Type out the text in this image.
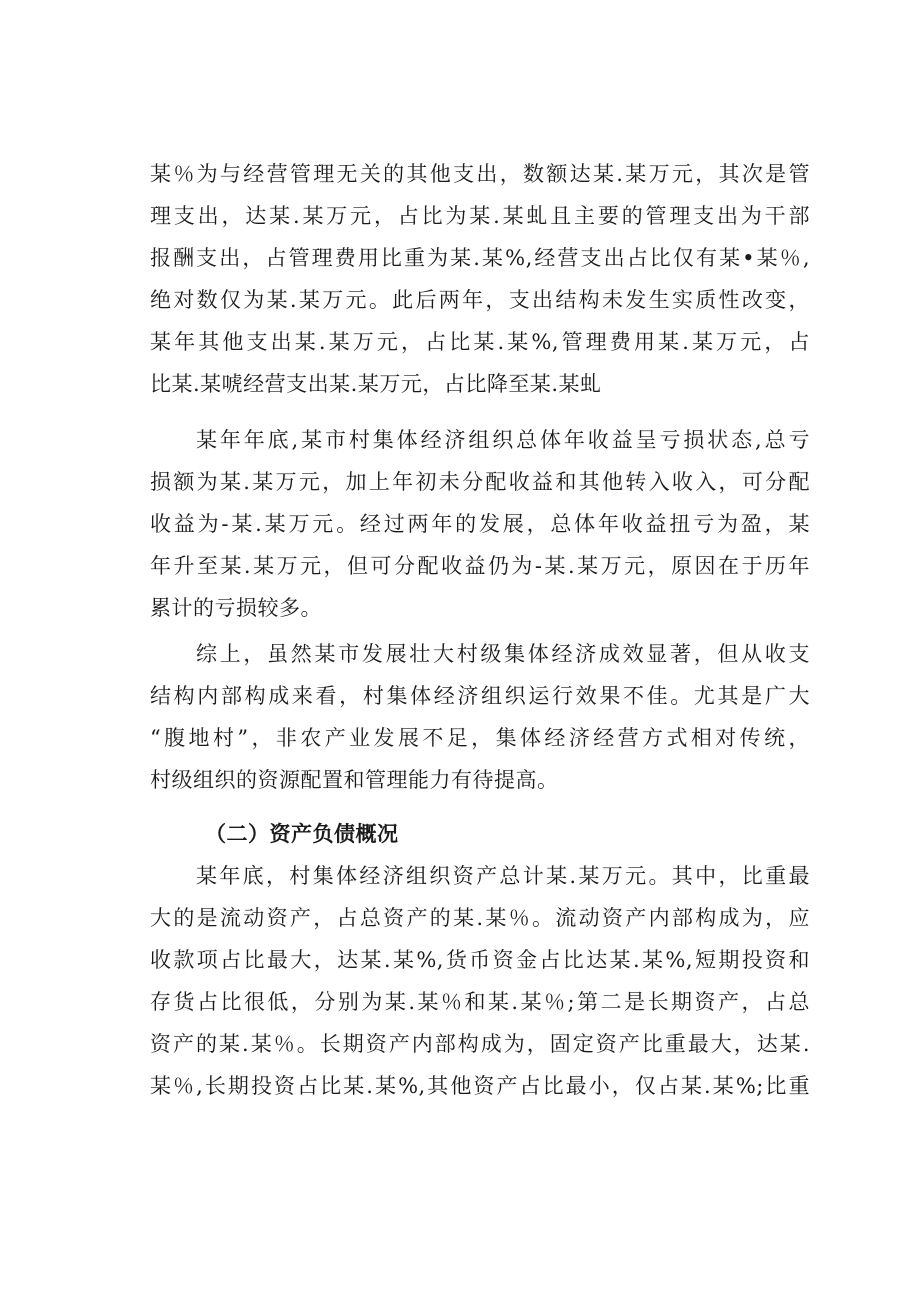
某％为与经营管理无关的其他支出，数额达某.某万元，其次是管
理支出，达某.某万元，占比为某.某虬且主要的管理支出为干部
报酬支出，占管理费用比重为某.某%,经营支出占比仅有某•某％,
绝对数仅为某.某万元。此后两年，支出结构未发生实质性改变，
某年其他支出某.某万元，占比某.某%,管理费用某.某万元，占
比某.某唬经营支出某.某万元，占比降至某.某虬
某年年底,某市村集体经济组织总体年收益呈亏损状态,总亏
损额为某.某万元，加上年初未分配收益和其他转入收入，可分配
收益为-某.某万元。经过两年的发展，总体年收益扭亏为盈，某
年升至某.某万元，但可分配收益仍为-某.某万元，原因在于历年
累计的亏损较多。
综上，虽然某市发展壮大村级集体经济成效显著，但从收支
结构内部构成来看，村集体经济组织运行效果不佳。尤其是广大
“腹地村”，非农产业发展不足，集体经济经营方式相对传统，
村级组织的资源配置和管理能力有待提高。
（二）资产负债概况
某年底，村集体经济组织资产总计某.某万元。其中，比重最
大的是流动资产，占总资产的某.某％。流动资产内部构成为，应
收款项占比最大，达某.某%,货币资金占比达某.某%,短期投资和
存货占比很低，分别为某.某％和某.某％;第二是长期资产，占总
资产的某.某％。长期资产内部构成为，固定资产比重最大，达某.
某％,长期投资占比某.某%,其他资产占比最小，仅占某.某%;比重
